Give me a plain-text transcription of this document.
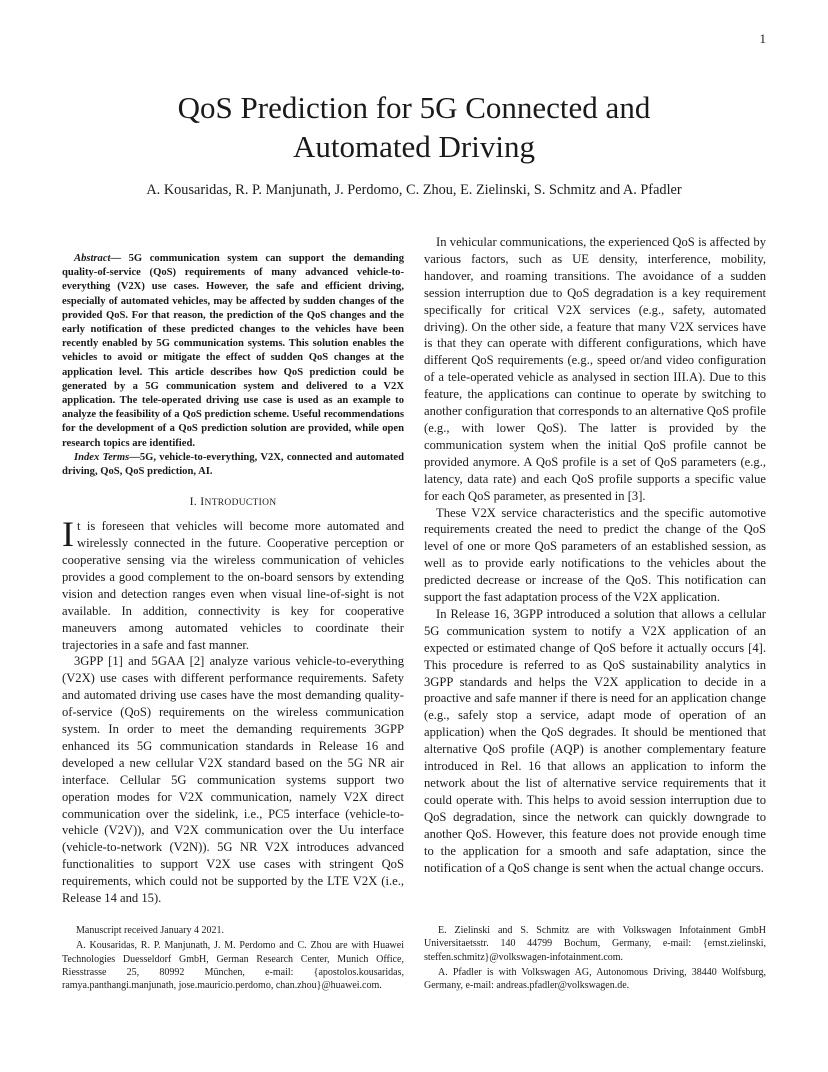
1
QoS Prediction for 5G Connected and
Automated Driving
A. Kousaridas, R. P. Manjunath, J. Perdomo, C. Zhou, E. Zielinski, S. Schmitz and A. Pfadler

Abstract— 5G communication system can support the demanding quality-of-service (QoS) requirements of many advanced vehicle-to-everything (V2X) use cases. However, the safe and efficient driving, especially of automated vehicles, may be affected by sudden changes of the provided QoS. For that reason, the prediction of the QoS changes and the early notification of these predicted changes to the vehicles have been recently enabled by 5G communication systems. This solution enables the vehicles to avoid or mitigate the effect of sudden QoS changes at the application level. This article describes how QoS prediction could be generated by a 5G communication system and delivered to a V2X application. The tele-operated driving use case is used as an example to analyze the feasibility of a QoS prediction scheme. Useful recommendations for the development of a QoS prediction solution are provided, while open research topics are identified.

Index Terms—5G, vehicle-to-everything, V2X, connected and automated driving, QoS, QoS prediction, AI.

I. INTRODUCTION

It is foreseen that vehicles will become more automated and wirelessly connected in the future. Cooperative perception or cooperative sensing via the wireless communication of vehicles provides a good complement to the on-board sensors by extending vision and detection ranges even when visual line-of-sight is not available. In addition, connectivity is key for cooperative maneuvers among automated vehicles to coordinate their trajectories in a safe and fast manner.

3GPP [1] and 5GAA [2] analyze various vehicle-to-everything (V2X) use cases with different performance requirements. Safety and automated driving use cases have the most demanding quality-of-service (QoS) requirements on the wireless communication system. In order to meet the demanding requirements 3GPP enhanced its 5G communication standards in Release 16 and developed a new cellular V2X standard based on the 5G NR air interface. Cellular 5G communication systems support two operation modes for V2X communication, namely V2X direct communication over the sidelink, i.e., PC5 interface (vehicle-to-vehicle (V2V)), and V2X communication over the Uu interface (vehicle-to-network (V2N)). 5G NR V2X introduces advanced functionalities to support V2X use cases with stringent QoS requirements, which could not be supported by the LTE V2X (i.e., Release 14 and 15).

In vehicular communications, the experienced QoS is affected by various factors, such as UE density, interference, mobility, handover, and roaming transitions. The avoidance of a sudden session interruption due to QoS degradation is a key requirement specifically for critical V2X services (e.g., safety, automated driving). On the other side, a feature that many V2X services have is that they can operate with different configurations, which have different QoS requirements (e.g., speed or/and video configuration of a tele-operated vehicle as analysed in section III.A). Due to this feature, the applications can continue to operate by switching to another configuration that corresponds to an alternative QoS profile (e.g., with lower QoS). The latter is provided by the communication system when the initial QoS profile cannot be provided anymore. A QoS profile is a set of QoS parameters (e.g., latency, data rate) and each QoS profile supports a specific value for each QoS parameter, as presented in [3].

These V2X service characteristics and the specific automotive requirements created the need to predict the change of the QoS level of one or more QoS parameters of an established session, as well as to provide early notifications to the vehicles about the predicted decrease or increase of the QoS. This notification can support the fast adaptation process of the V2X application.

In Release 16, 3GPP introduced a solution that allows a cellular 5G communication system to notify a V2X application of an expected or estimated change of QoS before it actually occurs [4]. This procedure is referred to as QoS sustainability analytics in 3GPP standards and helps the V2X application to decide in a proactive and safe manner if there is need for an application change (e.g., safely stop a service, adapt mode of operation of an application) when the QoS degrades. It should be mentioned that alternative QoS profile (AQP) is another complementary feature introduced in Rel. 16 that allows an application to inform the network about the list of alternative service requirements that it could operate with. This helps to avoid session interruption due to QoS degradation, since the network can quickly downgrade to another QoS. However, this feature does not provide enough time to the application for a smooth and safe adaptation, since the notification of a QoS change is sent when the actual change occurs.

Manuscript received January 4 2021.

A. Kousaridas, R. P. Manjunath, J. M. Perdomo and C. Zhou are with Huawei Technologies Duesseldorf GmbH, German Research Center, Munich Office, Riesstrasse 25, 80992 München, e-mail: {apostolos.kousaridas, ramya.panthangi.manjunath, jose.mauricio.perdomo, chan.zhou}@huawei.com.

E. Zielinski and S. Schmitz are with Volkswagen Infotainment GmbH Universitaetsstr. 140 44799 Bochum, Germany, e-mail: {ernst.zielinski, steffen.schmitz}@volkswagen-infotainment.com.

A. Pfadler is with Volkswagen AG, Autonomous Driving, 38440 Wolfsburg, Germany, e-mail: andreas.pfadler@volkswagen.de.
